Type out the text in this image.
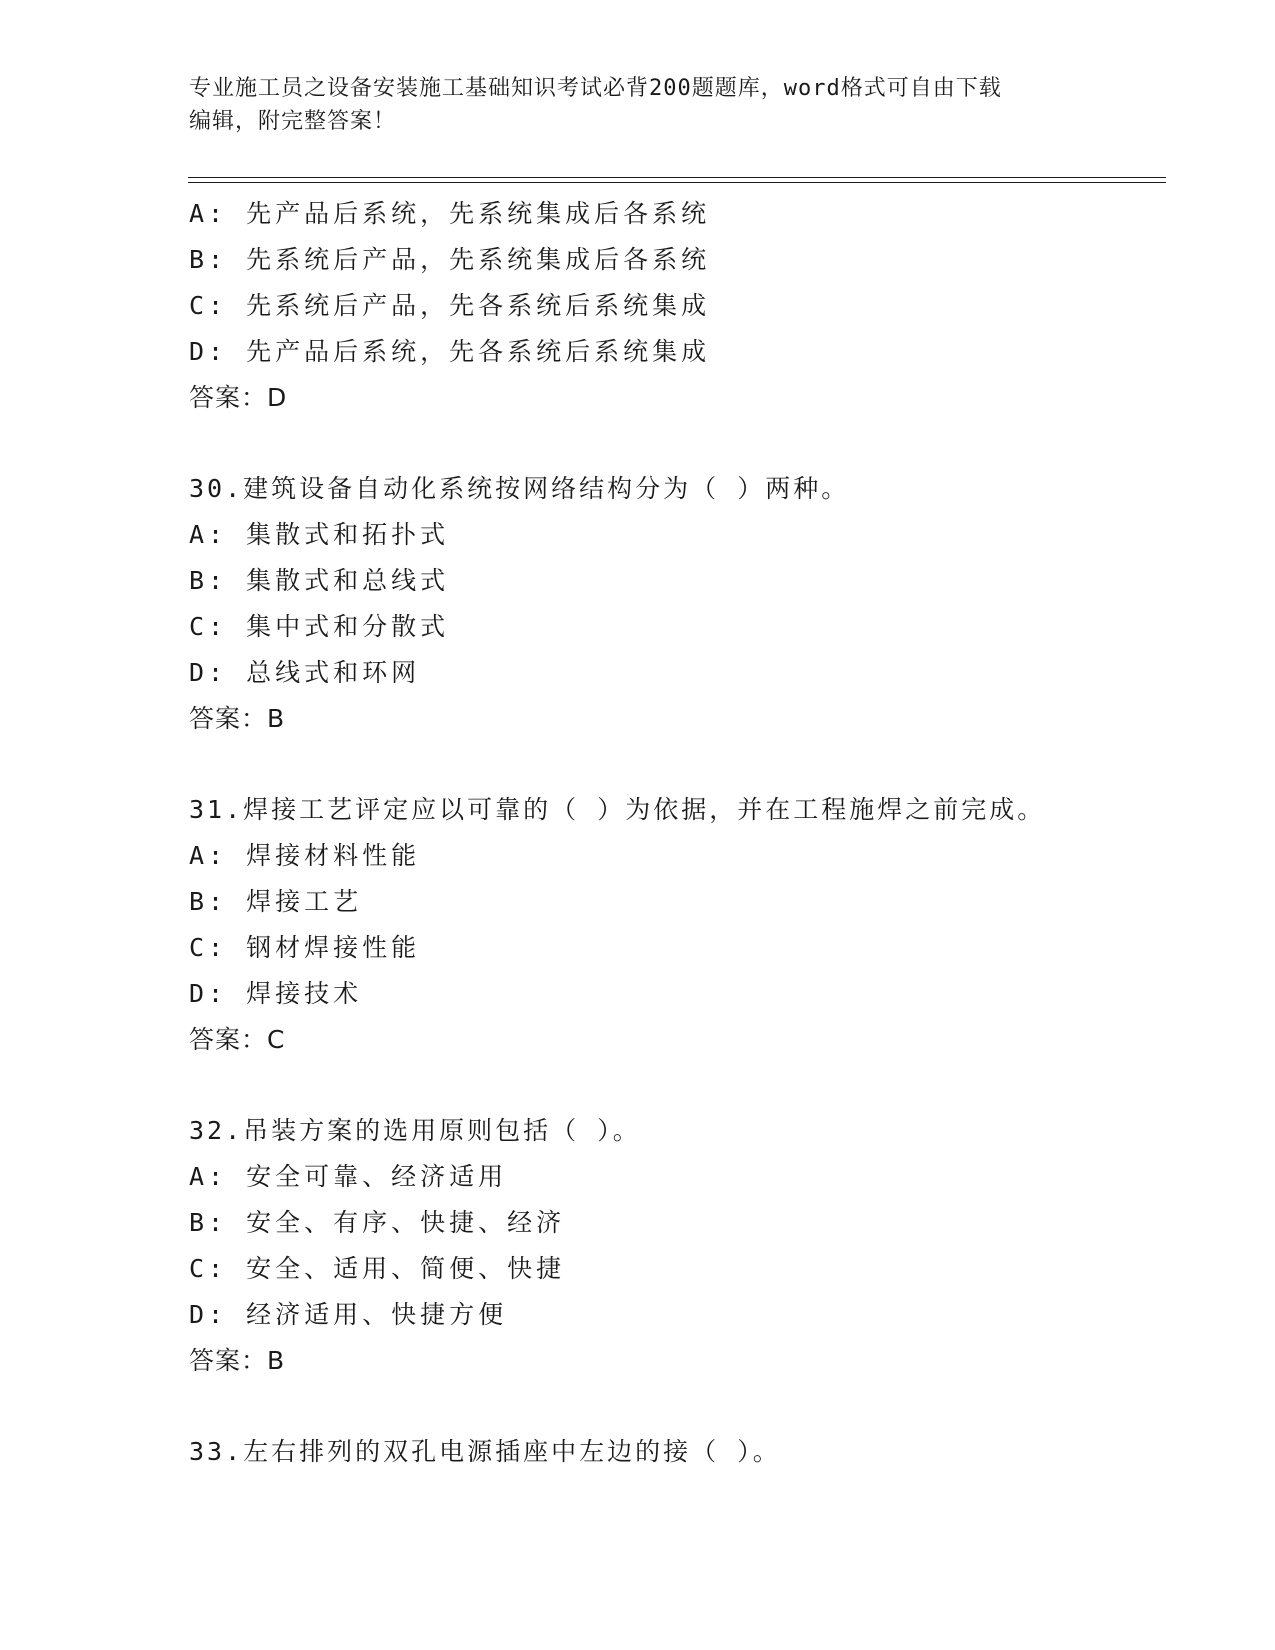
专业施工员之设备安装施工基础知识考试必背200题题库，word格式可自由下载
编辑，附完整答案！
A: 先产品后系统，先系统集成后各系统
B: 先系统后产品，先系统集成后各系统
C: 先系统后产品，先各系统后系统集成
D: 先产品后系统，先各系统后系统集成
答案：D
30.建筑设备自动化系统按网络结构分为（ ）两种。
A: 集散式和拓扑式
B: 集散式和总线式
C: 集中式和分散式
D: 总线式和环网
答案：B
31.焊接工艺评定应以可靠的（ ）为依据，并在工程施焊之前完成。
A: 焊接材料性能
B: 焊接工艺
C: 钢材焊接性能
D: 焊接技术
答案：C
32.吊装方案的选用原则包括（ ）。
A: 安全可靠、经济适用
B: 安全、有序、快捷、经济
C: 安全、适用、简便、快捷
D: 经济适用、快捷方便
答案：B
33.左右排列的双孔电源插座中左边的接（ ）。
